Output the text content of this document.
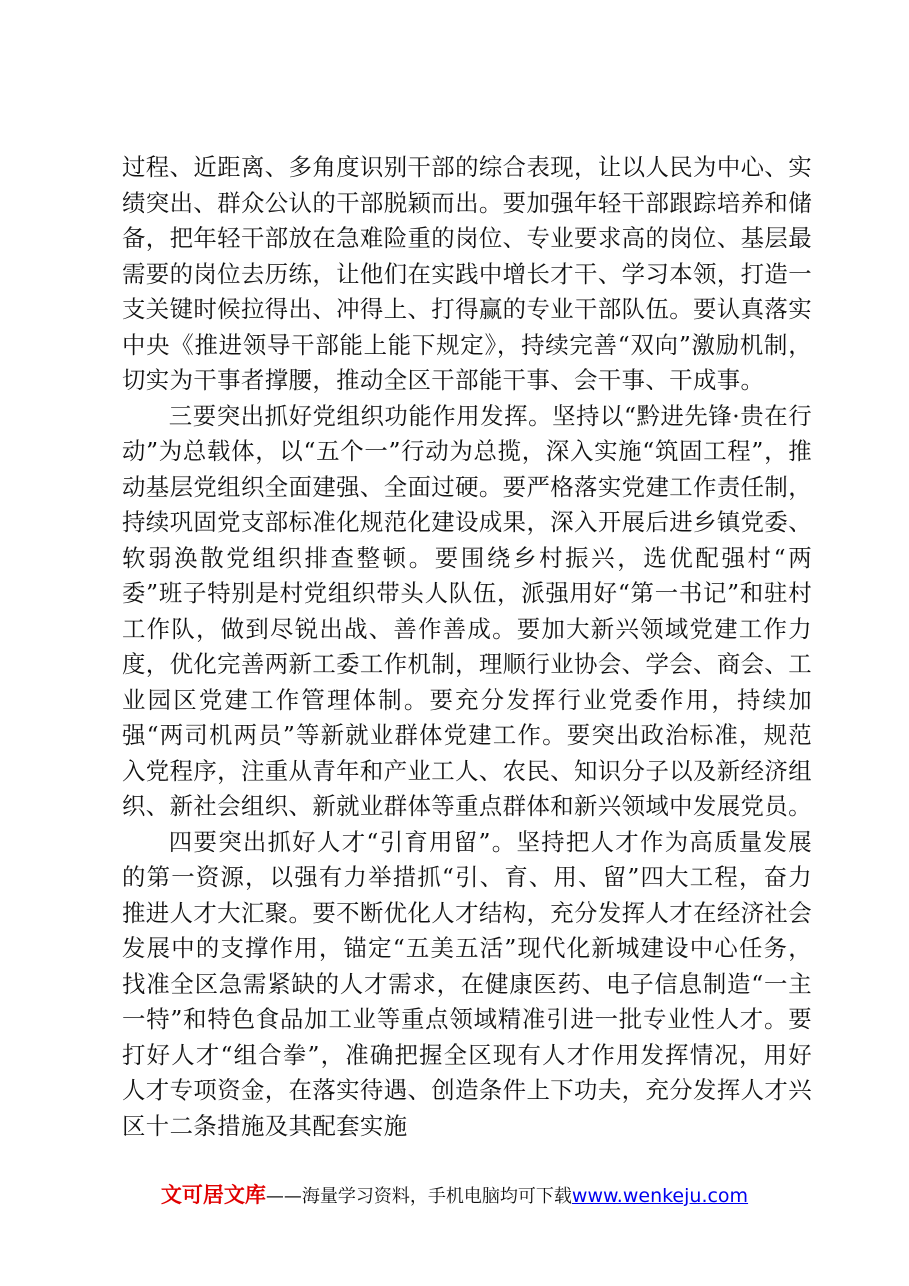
过程、近距离、多角度识别干部的综合表现，让以人民为中心、实绩突出、群众公认的干部脱颖而出。要加强年轻干部跟踪培养和储备，把年轻干部放在急难险重的岗位、专业要求高的岗位、基层最需要的岗位去历练，让他们在实践中增长才干、学习本领，打造一支关键时候拉得出、冲得上、打得赢的专业干部队伍。要认真落实中央《推进领导干部能上能下规定》，持续完善“双向”激励机制，切实为干事者撑腰，推动全区干部能干事、会干事、干成事。

三要突出抓好党组织功能作用发挥。坚持以“黔进先锋·贵在行动”为总载体，以“五个一”行动为总揽，深入实施“筑固工程”，推动基层党组织全面建强、全面过硬。要严格落实党建工作责任制，持续巩固党支部标准化规范化建设成果，深入开展后进乡镇党委、软弱涣散党组织排查整顿。要围绕乡村振兴，选优配强村“两委”班子特别是村党组织带头人队伍，派强用好“第一书记”和驻村工作队，做到尽锐出战、善作善成。要加大新兴领域党建工作力度，优化完善两新工委工作机制，理顺行业协会、学会、商会、工业园区党建工作管理体制。要充分发挥行业党委作用，持续加强“两司机两员”等新就业群体党建工作。要突出政治标准，规范入党程序，注重从青年和产业工人、农民、知识分子以及新经济组织、新社会组织、新就业群体等重点群体和新兴领域中发展党员。

四要突出抓好人才“引育用留”。坚持把人才作为高质量发展的第一资源，以强有力举措抓“引、育、用、留”四大工程，奋力推进人才大汇聚。要不断优化人才结构，充分发挥人才在经济社会发展中的支撑作用，锚定“五美五活”现代化新城建设中心任务，找准全区急需紧缺的人才需求，在健康医药、电子信息制造“一主一特”和特色食品加工业等重点领域精准引进一批专业性人才。要打好人才“组合拳”，准确把握全区现有人才作用发挥情况，用好人才专项资金，在落实待遇、创造条件上下功夫，充分发挥人才兴区十二条措施及其配套实施

文可居文库——海量学习资料，手机电脑均可下载www.wenkeju.com
